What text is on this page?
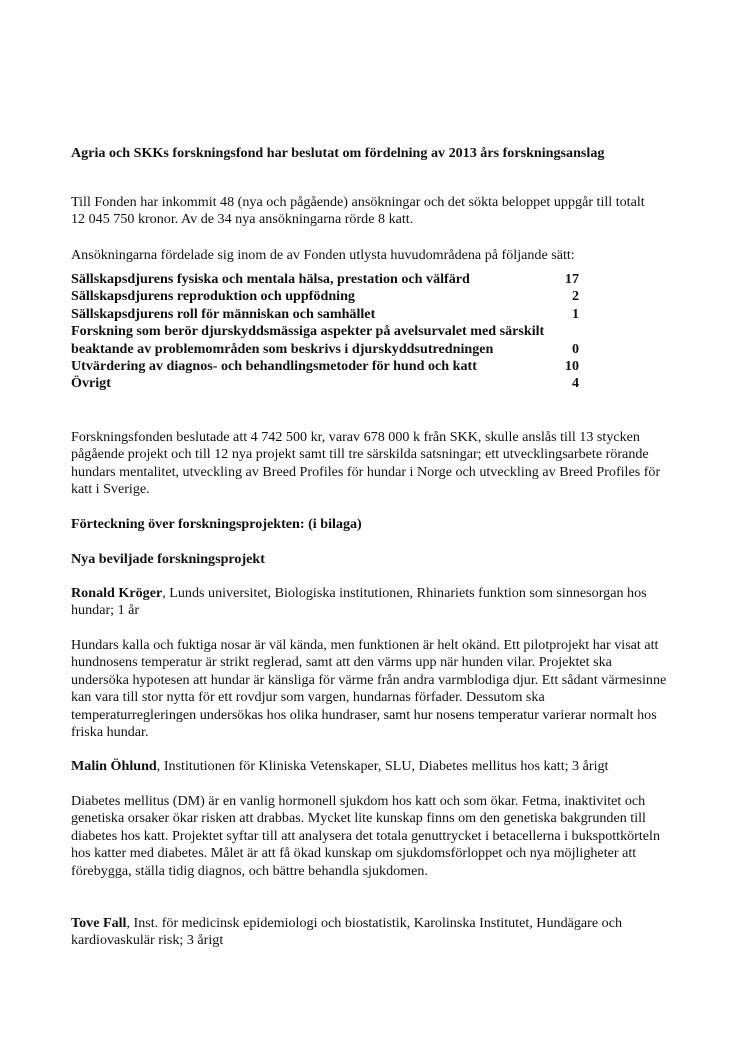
Agria och SKKs forskningsfond har beslutat om fördelning av 2013 års forskningsanslag

Till Fonden har inkommit 48 (nya och pågående) ansökningar och det sökta beloppet uppgår till totalt 12 045 750 kronor. Av de 34 nya ansökningarna rörde 8 katt.

Ansökningarna fördelade sig inom de av Fonden utlysta huvudområdena på följande sätt:

Sällskapsdjurens fysiska och mentala hälsa, prestation och välfärd	17
Sällskapsdjurens reproduktion och uppfödning	2
Sällskapsdjurens roll för människan och samhället	1
Forskning som berör djurskyddsmässiga aspekter på avelsurvalet med särskilt beaktande av problemområden som beskrivs i djurskyddsutredningen	0
Utvärdering av diagnos- och behandlingsmetoder för hund och katt	10
Övrigt	4

Forskningsfonden beslutade att 4 742 500 kr, varav 678 000 k från SKK, skulle anslås till 13 stycken pågående projekt och till 12 nya projekt samt till tre särskilda satsningar; ett utvecklingsarbete rörande hundars mentalitet, utveckling av Breed Profiles för hundar i Norge och utveckling av Breed Profiles för katt i Sverige.

Förteckning över forskningsprojekten: (i bilaga)

Nya beviljade forskningsprojekt

Ronald Kröger, Lunds universitet, Biologiska institutionen, Rhinariets funktion som sinnesorgan hos hundar; 1 år

Hundars kalla och fuktiga nosar är väl kända, men funktionen är helt okänd. Ett pilotprojekt har visat att hundnosens temperatur är strikt reglerad, samt att den värms upp när hunden vilar. Projektet ska undersöka hypotesen att hundar är känsliga för värme från andra varmblodiga djur. Ett sådant värmesinne kan vara till stor nytta för ett rovdjur som vargen, hundarnas förfader. Dessutom ska temperaturregleringen undersökas hos olika hundraser, samt hur nosens temperatur varierar normalt hos friska hundar.

Malin Öhlund, Institutionen för Kliniska Vetenskaper, SLU, Diabetes mellitus hos katt; 3 årigt

Diabetes mellitus (DM) är en vanlig hormonell sjukdom hos katt och som ökar. Fetma, inaktivitet och genetiska orsaker ökar risken att drabbas. Mycket lite kunskap finns om den genetiska bakgrunden till diabetes hos katt. Projektet syftar till att analysera det totala genuttrycket i betacellerna i bukspottkörteln hos katter med diabetes. Målet är att få ökad kunskap om sjukdomsförloppet och nya möjligheter att förebygga, ställa tidig diagnos, och bättre behandla sjukdomen.

Tove Fall, Inst. för medicinsk epidemiologi och biostatistik, Karolinska Institutet, Hundägare och kardiovaskulär risk; 3 årigt
